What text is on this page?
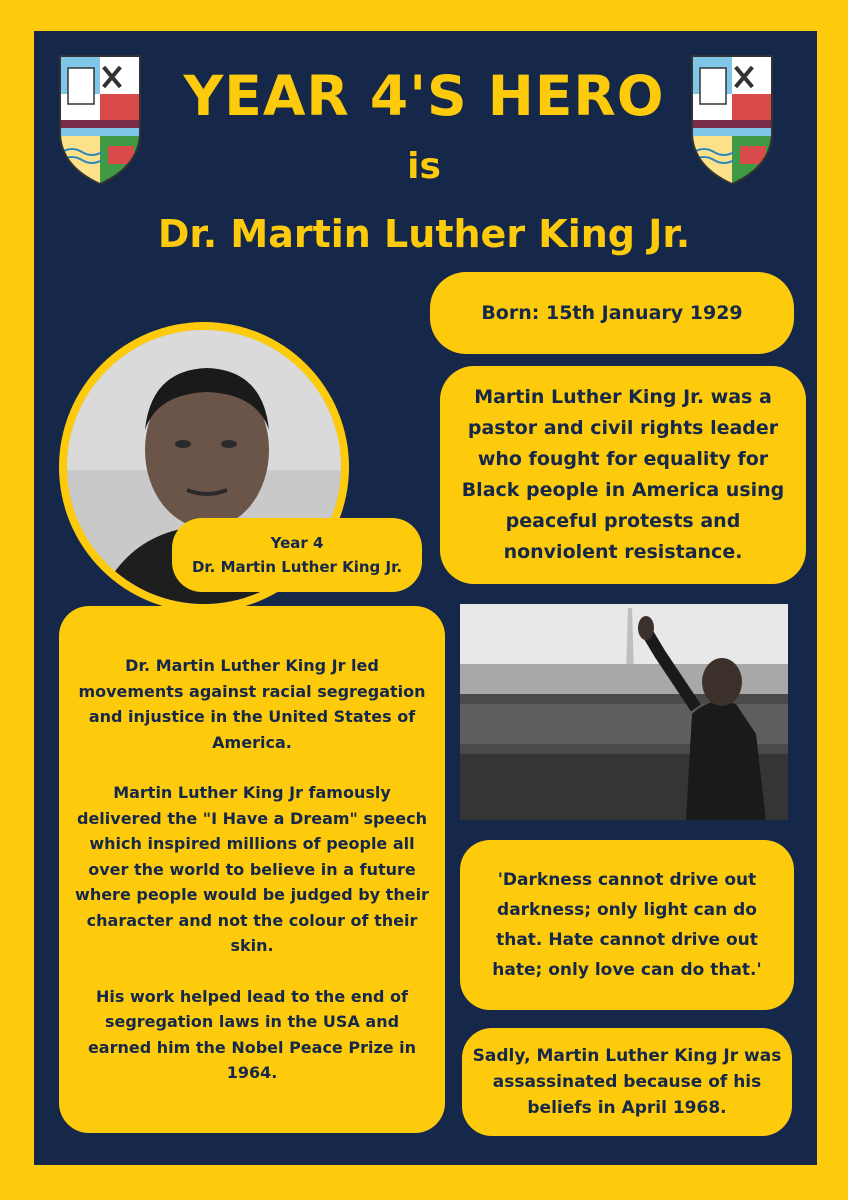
YEAR 4'S HERO
is
Dr. Martin Luther King Jr.
Born: 15th January 1929
Martin Luther King Jr. was a pastor and civil rights leader who fought for equality for Black people in America using peaceful protests and nonviolent resistance.
Year 4
Dr. Martin Luther King Jr.

Dr. Martin Luther King Jr led movements against racial segregation and injustice in the United States of America.

Martin Luther King Jr famously delivered the "I Have a Dream" speech which inspired millions of people all over the world to believe in a future where people would be judged by their character and not the colour of their skin.

His work helped lead to the end of segregation laws in the USA and earned him the Nobel Peace Prize in 1964.

'Darkness cannot drive out darkness; only light can do that. Hate cannot drive out hate; only love can do that.'
Sadly, Martin Luther King Jr was assassinated because of his beliefs in April 1968.
